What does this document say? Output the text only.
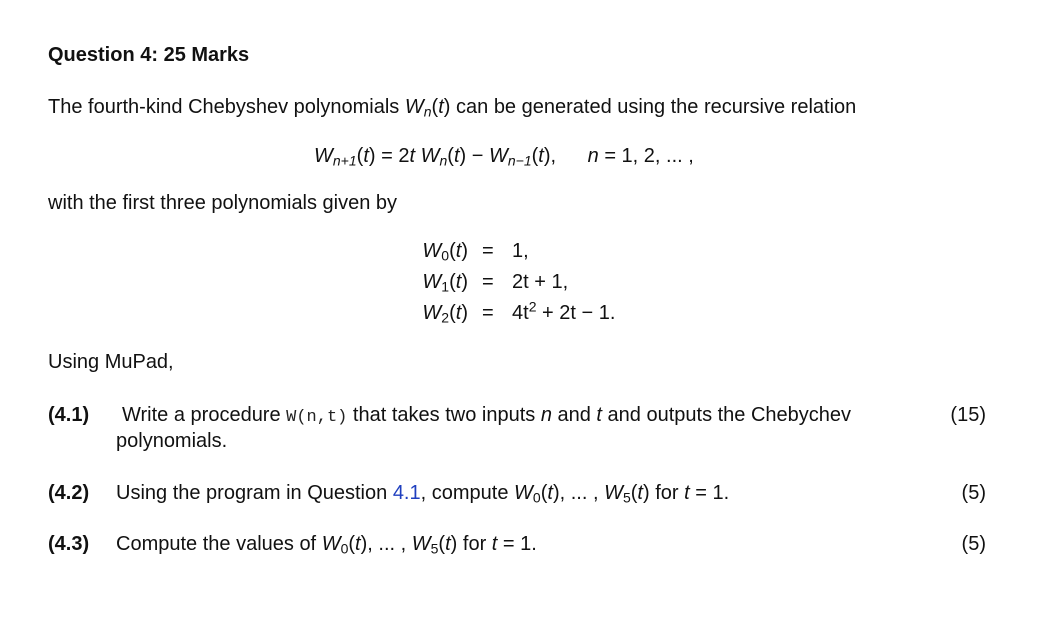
Question 4: 25 Marks
The fourth-kind Chebyshev polynomials $W_n(t)$ can be generated using the recursive relation
$W_{n+1}(t) = 2t$ $W_n(t) - W_{n-1}(t)$, n = 1, 2, ... ,
with the first three polynomials given by
$W_0(t) = 1$,
$W_1(t) = 2t + 1$,
$W_2(t) = 4t^2 + 2t - 1$.
Using MuPad,
(4.1) Write a procedure W(n,t) that takes two inputs n and t and outputs the Chebychev
polynomials.
(15)
(4.2) Using the program in Question 4.1, compute $W_0(t)$, ... , $W_5(t)$ for t = 1.	(5)
(4.3) Compute the values of $W_0(t)$, ... , $W_5(t)$ for t = 1.	(5)
